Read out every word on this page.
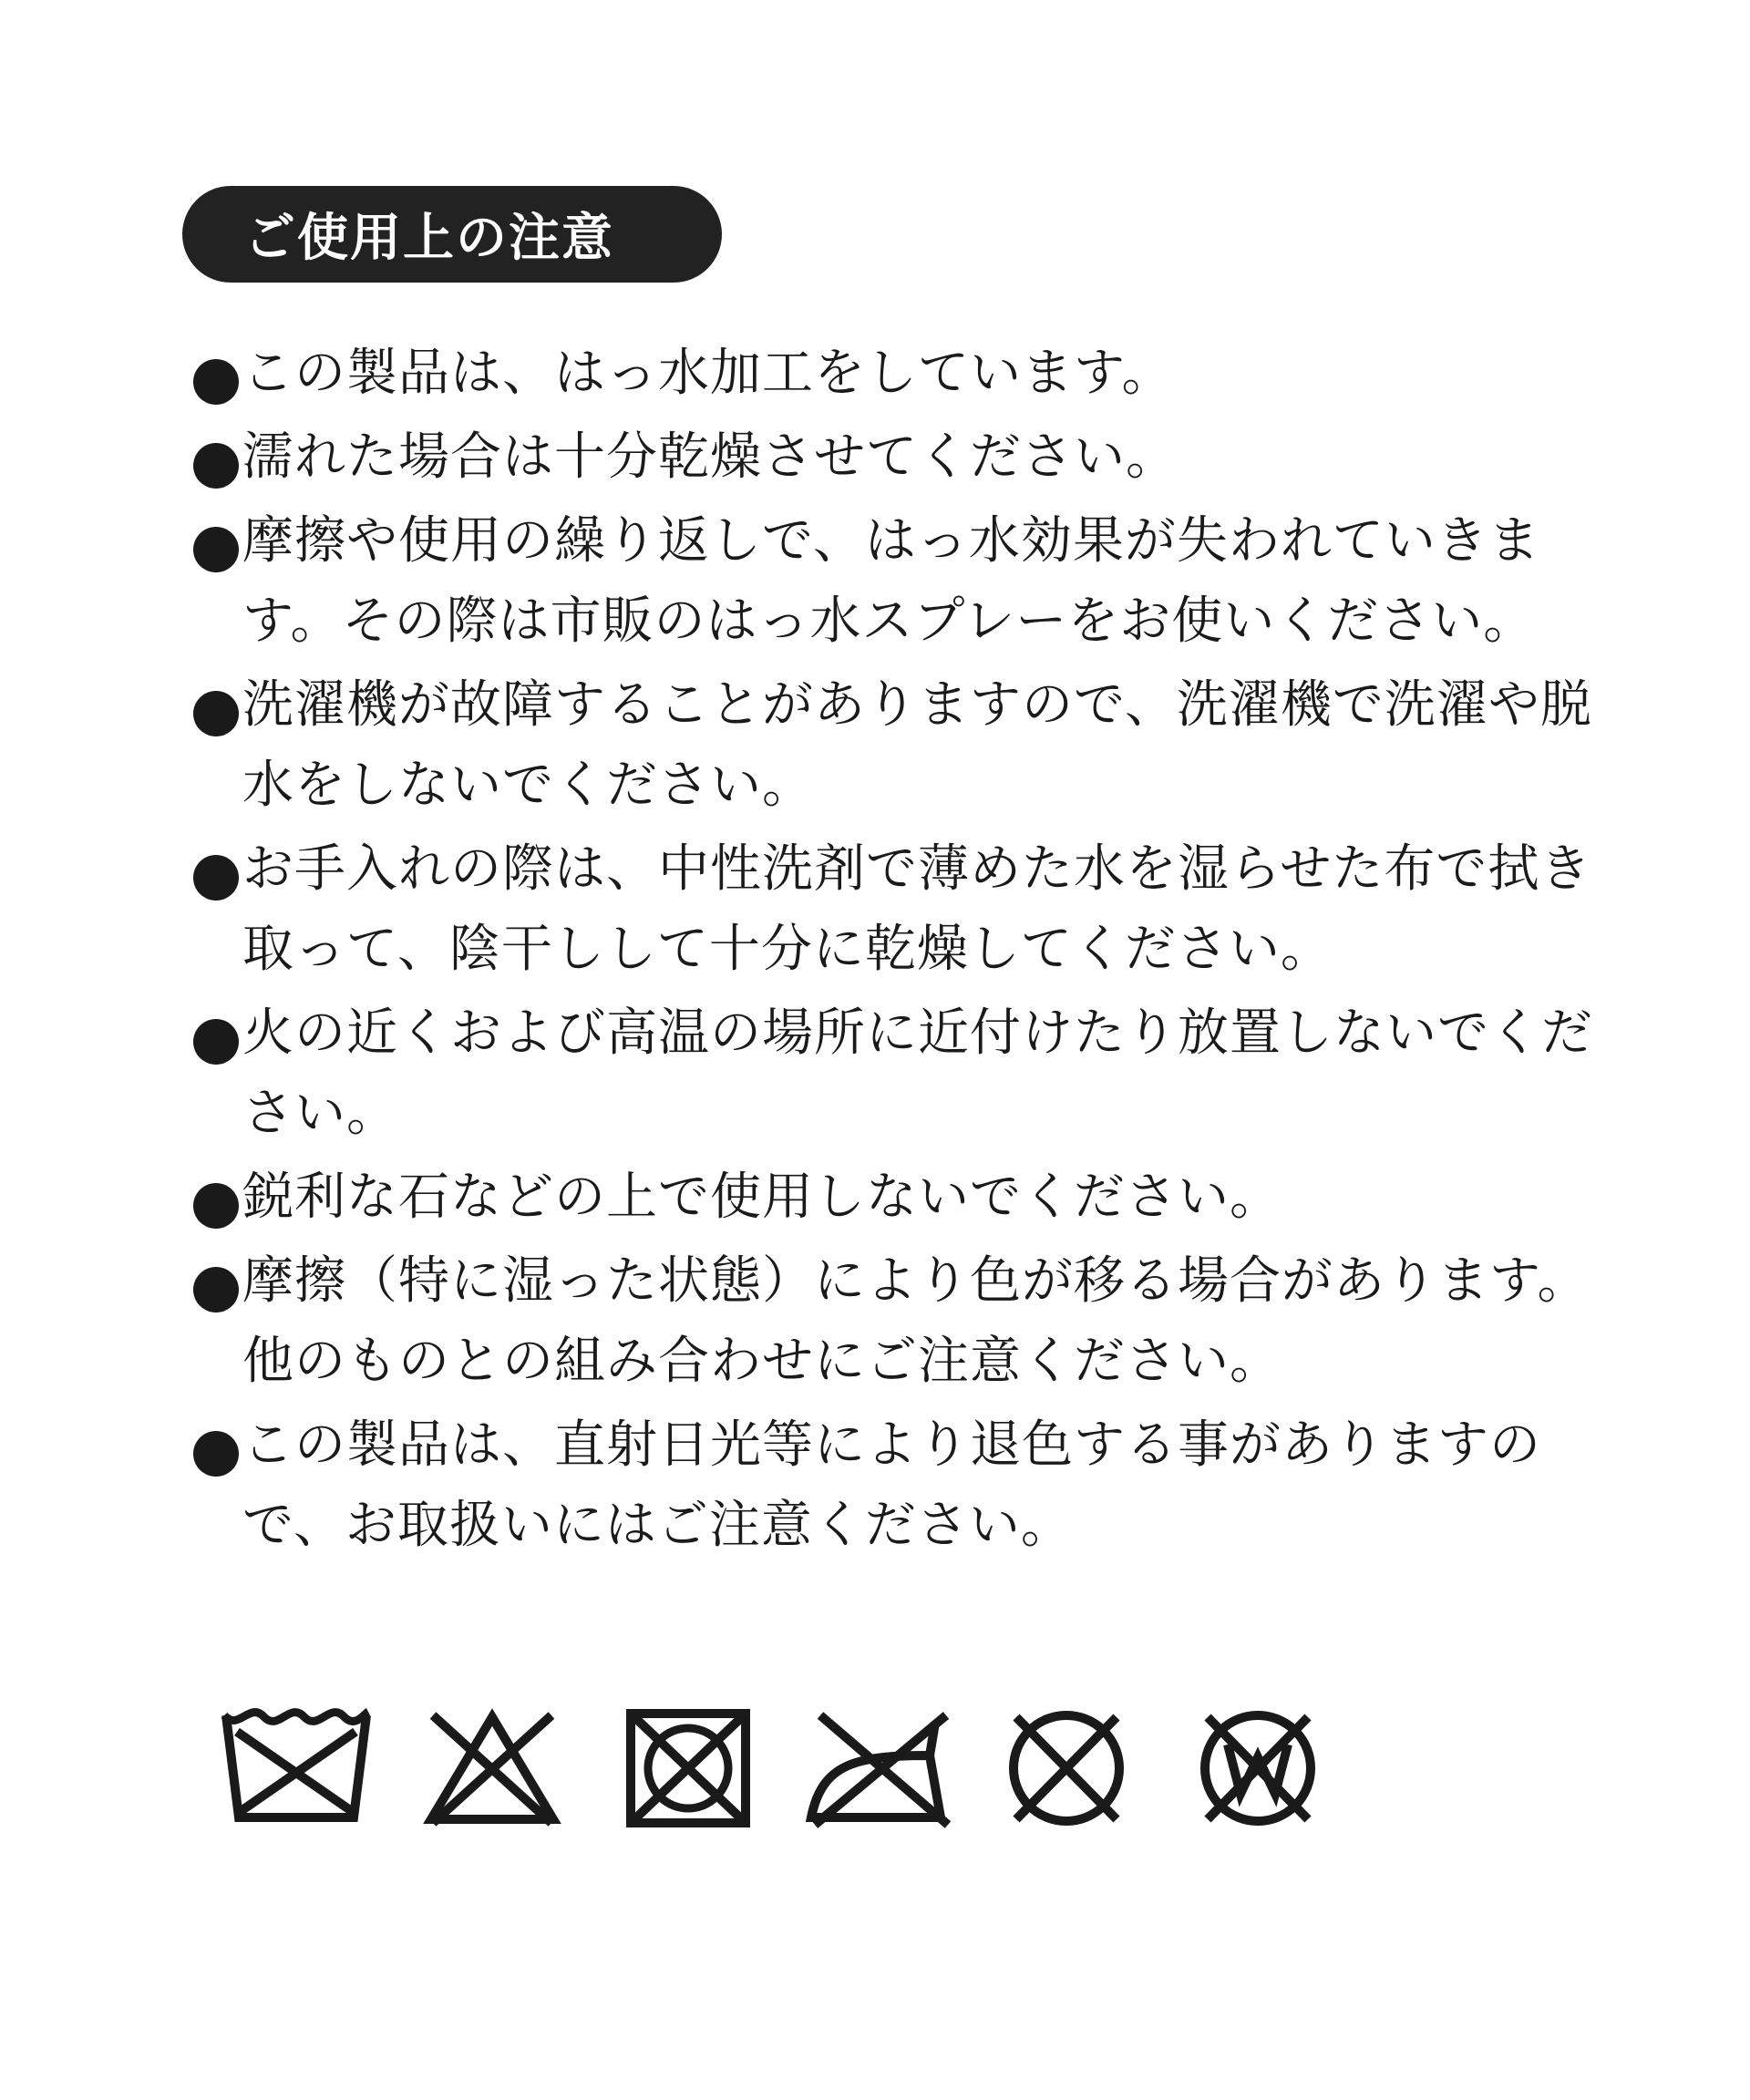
ご使用上の注意
この製品は、はっ水加工をしています。
濡れた場合は十分乾燥させてください。
摩擦や使用の繰り返しで、はっ水効果が失われていきます。その際は市販のはっ水スプレーをお使いください。
洗濯機が故障することがありますので、洗濯機で洗濯や脱水をしないでください。
お手入れの際は、中性洗剤で薄めた水を湿らせた布で拭き取って、陰干しして十分に乾燥してください。
火の近くおよび高温の場所に近付けたり放置しないでください。
鋭利な石などの上で使用しないでください。
摩擦（特に湿った状態）により色が移る場合があります。他のものとの組み合わせにご注意ください。
この製品は、直射日光等により退色する事がありますので、お取扱いにはご注意ください。
